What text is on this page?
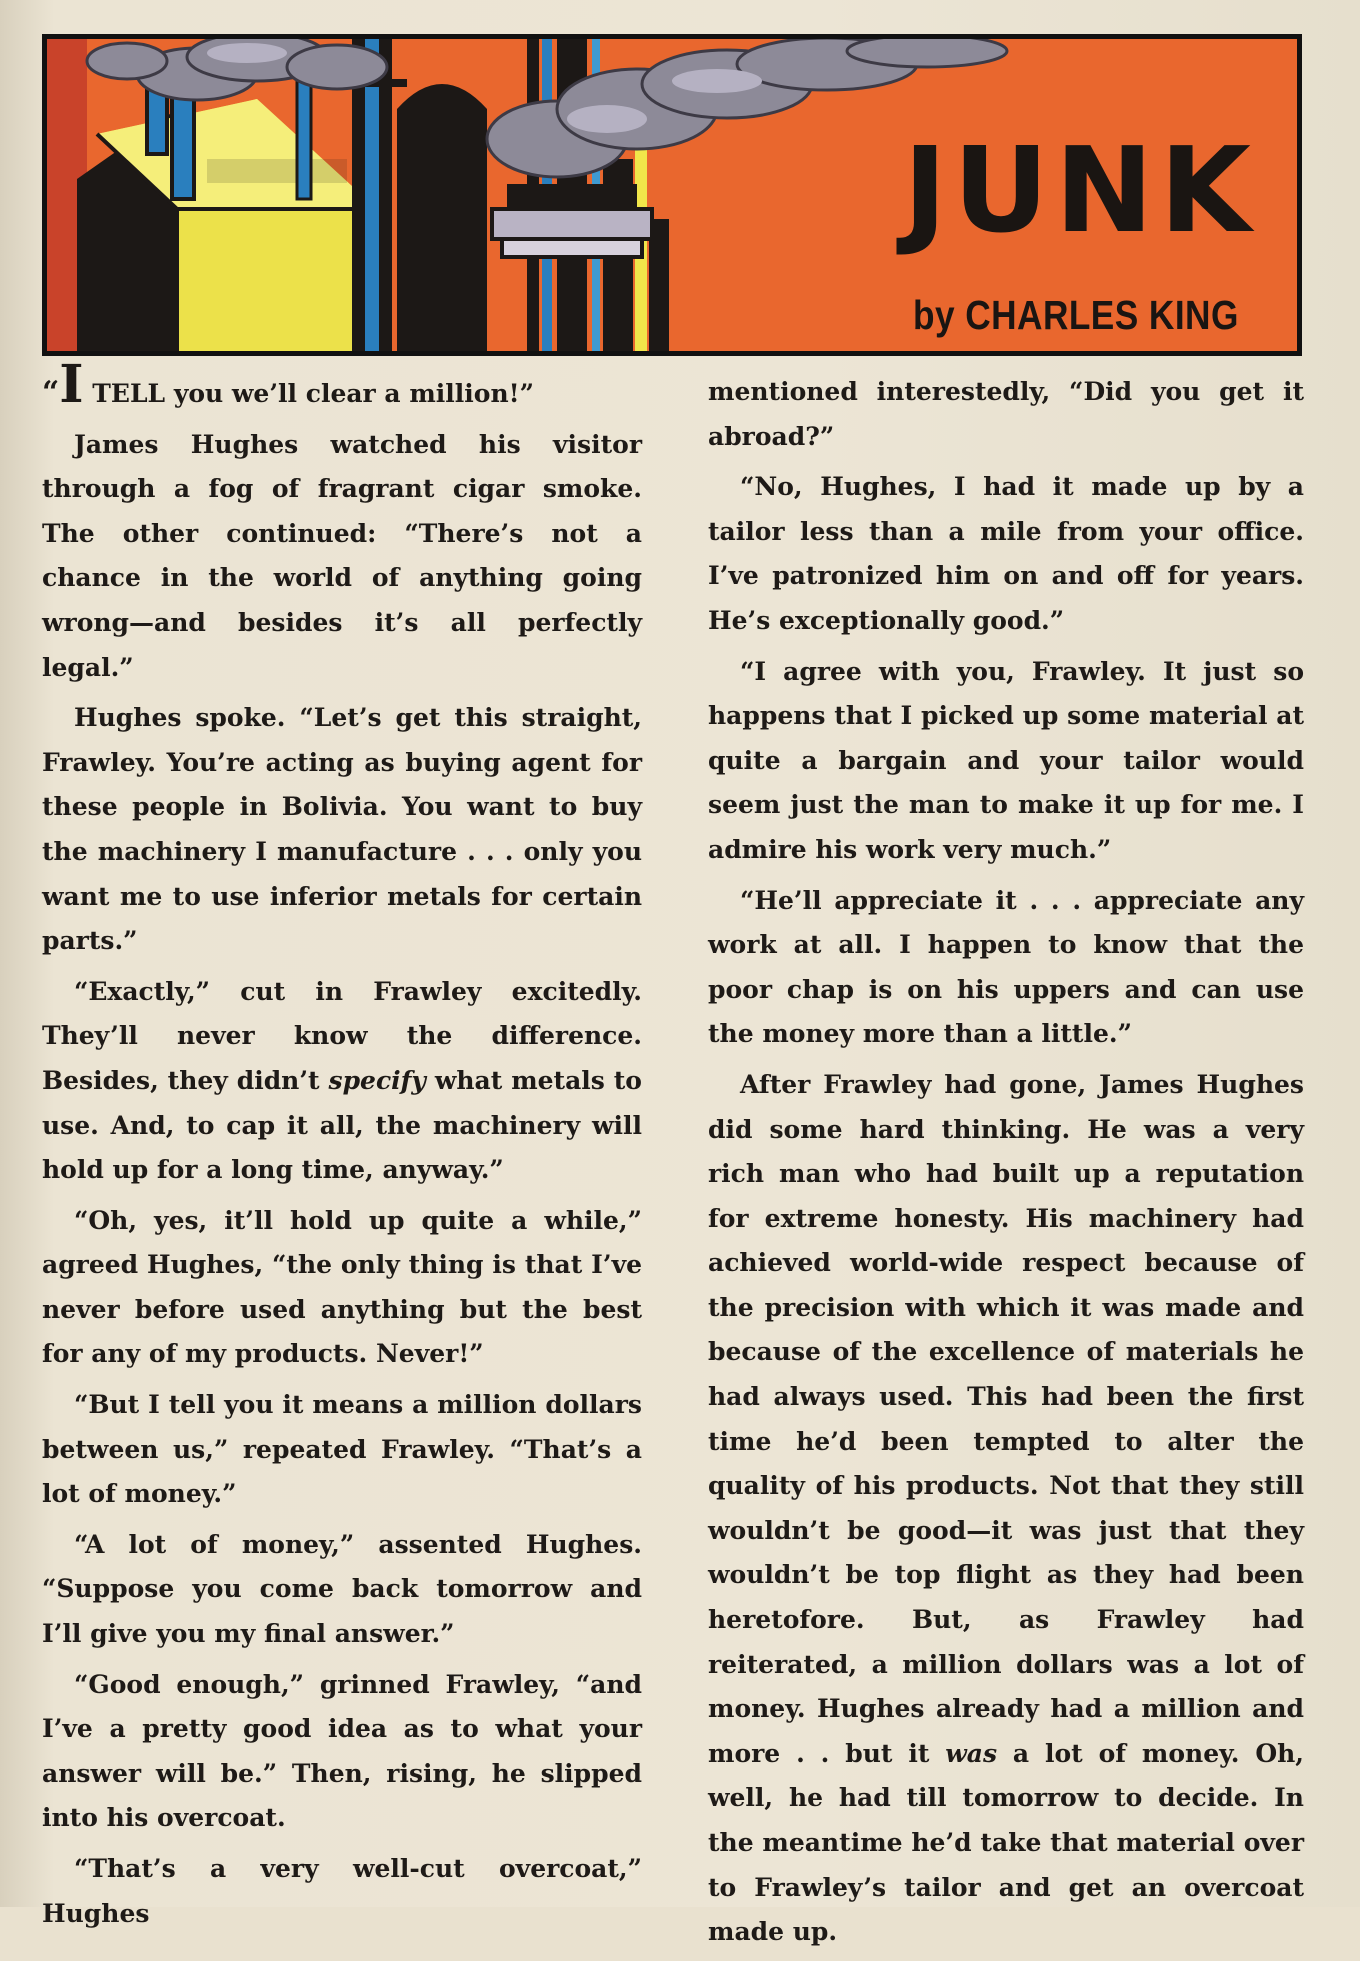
JUNK
by CHARLES KING

“I TELL you we’ll clear a million!”

James Hughes watched his visitor through a fog of fragrant cigar smoke. The other continued: “There’s not a chance in the world of anything going wrong—and besides it’s all perfectly legal.”

Hughes spoke. “Let’s get this straight, Frawley. You’re acting as buying agent for these people in Bolivia. You want to buy the machinery I manufacture . . . only you want me to use inferior metals for certain parts.”

“Exactly,” cut in Frawley excitedly. They’ll never know the difference. Besides, they didn’t specify what metals to use. And, to cap it all, the machinery will hold up for a long time, anyway.”

“Oh, yes, it’ll hold up quite a while,” agreed Hughes, “the only thing is that I’ve never before used anything but the best for any of my products. Never!”

“But I tell you it means a million dollars between us,” repeated Frawley. “That’s a lot of money.”

“A lot of money,” assented Hughes. “Suppose you come back tomorrow and I’ll give you my final answer.”

“Good enough,” grinned Frawley, “and I’ve a pretty good idea as to what your answer will be.” Then, rising, he slipped into his overcoat.

“That’s a very well-cut overcoat,” Hughes

mentioned interestedly, “Did you get it abroad?”

“No, Hughes, I had it made up by a tailor less than a mile from your office. I’ve patronized him on and off for years. He’s exceptionally good.”

“I agree with you, Frawley. It just so happens that I picked up some material at quite a bargain and your tailor would seem just the man to make it up for me. I admire his work very much.”

“He’ll appreciate it . . . appreciate any work at all. I happen to know that the poor chap is on his uppers and can use the money more than a little.”

After Frawley had gone, James Hughes did some hard thinking. He was a very rich man who had built up a reputation for extreme honesty. His machinery had achieved world-wide respect because of the precision with which it was made and because of the excellence of materials he had always used. This had been the first time he’d been tempted to alter the quality of his products. Not that they still wouldn’t be good—it was just that they wouldn’t be top flight as they had been heretofore. But, as Frawley had reiterated, a million dollars was a lot of money. Hughes already had a million and more . . but it was a lot of money. Oh, well, he had till tomorrow to decide. In the meantime he’d take that material over to Frawley’s tailor and get an overcoat made up.
